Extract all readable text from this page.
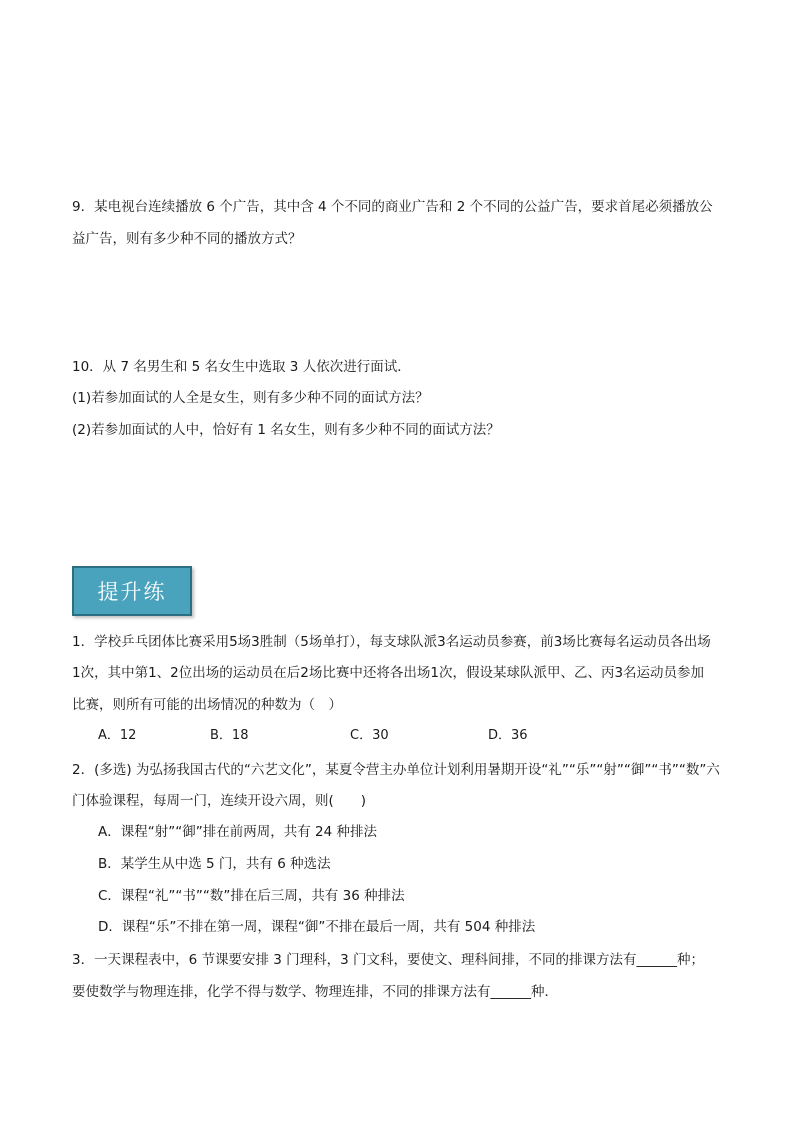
9．某电视台连续播放 6 个广告，其中含 4 个不同的商业广告和 2 个不同的公益广告，要求首尾必须播放公
益广告，则有多少种不同的播放方式？
10．从 7 名男生和 5 名女生中选取 3 人依次进行面试．
(1)若参加面试的人全是女生，则有多少种不同的面试方法？
(2)若参加面试的人中，恰好有 1 名女生，则有多少种不同的面试方法？
提升练
1．学校乒乓团体比赛采用5场3胜制（5场单打），每支球队派3名运动员参赛，前3场比赛每名运动员各出场
1次，其中第1、2位出场的运动员在后2场比赛中还将各出场1次，假设某球队派甲、乙、丙3名运动员参加
比赛，则所有可能的出场情况的种数为（　）
A．12	B．18	C．30	D．36
2．(多选) 为弘扬我国古代的“六艺文化”，某夏令营主办单位计划利用暑期开设“礼”“乐”“射”“御”“书”“数”六
门体验课程，每周一门，连续开设六周，则(　　)
A．课程“射”“御”排在前两周，共有 24 种排法
B．某学生从中选 5 门，共有 6 种选法
C．课程“礼”“书”“数”排在后三周，共有 36 种排法
D．课程“乐”不排在第一周，课程“御”不排在最后一周，共有 504 种排法
3．一天课程表中，6 节课要安排 3 门理科，3 门文科，要使文、理科间排，不同的排课方法有______种；
要使数学与物理连排，化学不得与数学、物理连排，不同的排课方法有______种．
